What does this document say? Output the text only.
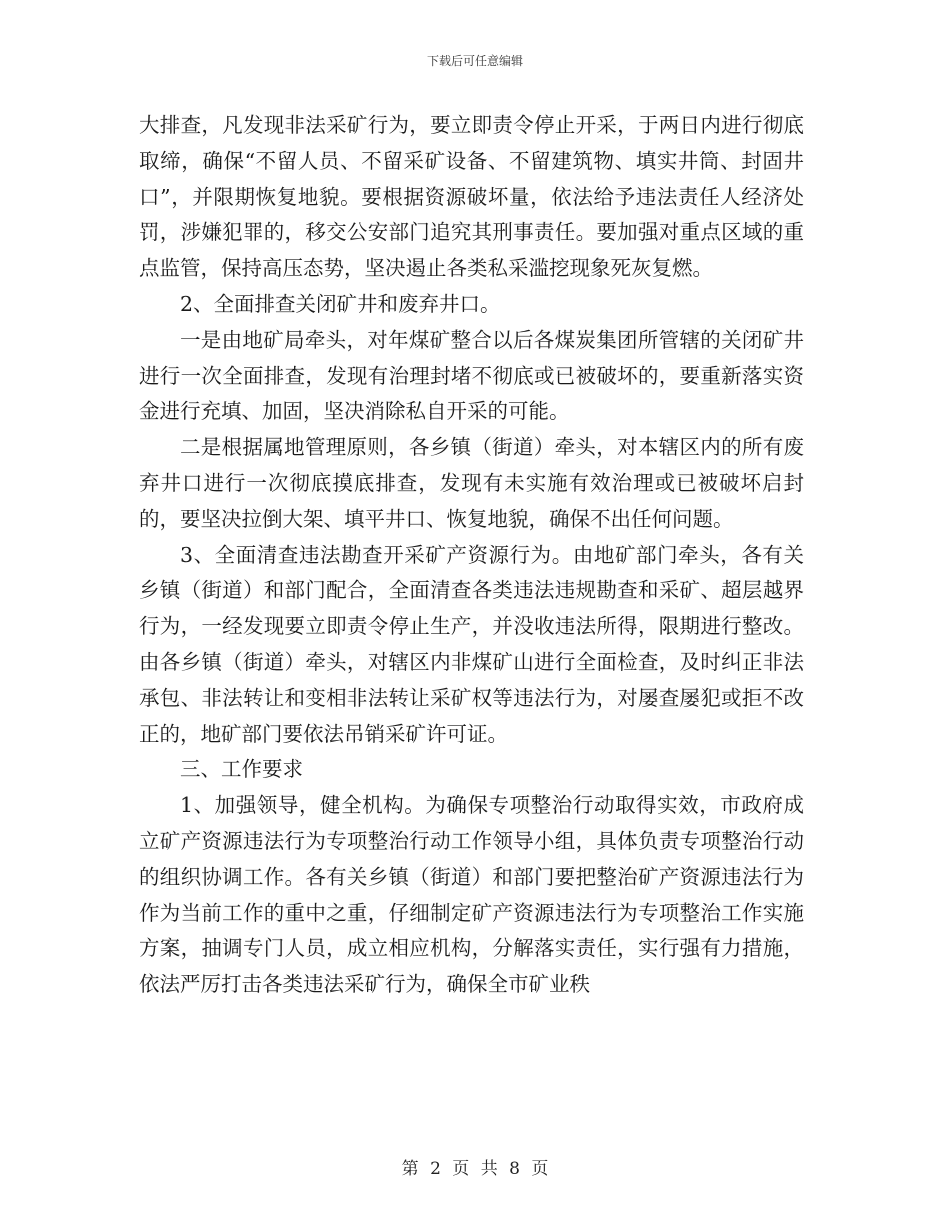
下载后可任意编辑

大排查，凡发现非法采矿行为，要立即责令停止开采，于两日内进行彻底取缔，确保“不留人员、不留采矿设备、不留建筑物、填实井筒、封固井口”，并限期恢复地貌。要根据资源破坏量，依法给予违法责任人经济处罚，涉嫌犯罪的，移交公安部门追究其刑事责任。要加强对重点区域的重点监管，保持高压态势，坚决遏止各类私采滥挖现象死灰复燃。

2、全面排查关闭矿井和废弃井口。

一是由地矿局牵头，对年煤矿整合以后各煤炭集团所管辖的关闭矿井进行一次全面排查，发现有治理封堵不彻底或已被破坏的，要重新落实资金进行充填、加固，坚决消除私自开采的可能。

二是根据属地管理原则，各乡镇（街道）牵头，对本辖区内的所有废弃井口进行一次彻底摸底排查，发现有未实施有效治理或已被破坏启封的，要坚决拉倒大架、填平井口、恢复地貌，确保不出任何问题。

3、全面清查违法勘查开采矿产资源行为。由地矿部门牵头，各有关乡镇（街道）和部门配合，全面清查各类违法违规勘查和采矿、超层越界行为，一经发现要立即责令停止生产，并没收违法所得，限期进行整改。由各乡镇（街道）牵头，对辖区内非煤矿山进行全面检查，及时纠正非法承包、非法转让和变相非法转让采矿权等违法行为，对屡查屡犯或拒不改正的，地矿部门要依法吊销采矿许可证。

三、工作要求

1、加强领导，健全机构。为确保专项整治行动取得实效，市政府成立矿产资源违法行为专项整治行动工作领导小组，具体负责专项整治行动的组织协调工作。各有关乡镇（街道）和部门要把整治矿产资源违法行为作为当前工作的重中之重，仔细制定矿产资源违法行为专项整治工作实施方案，抽调专门人员，成立相应机构，分解落实责任，实行强有力措施，依法严厉打击各类违法采矿行为，确保全市矿业秩

第 2 页 共 8 页
